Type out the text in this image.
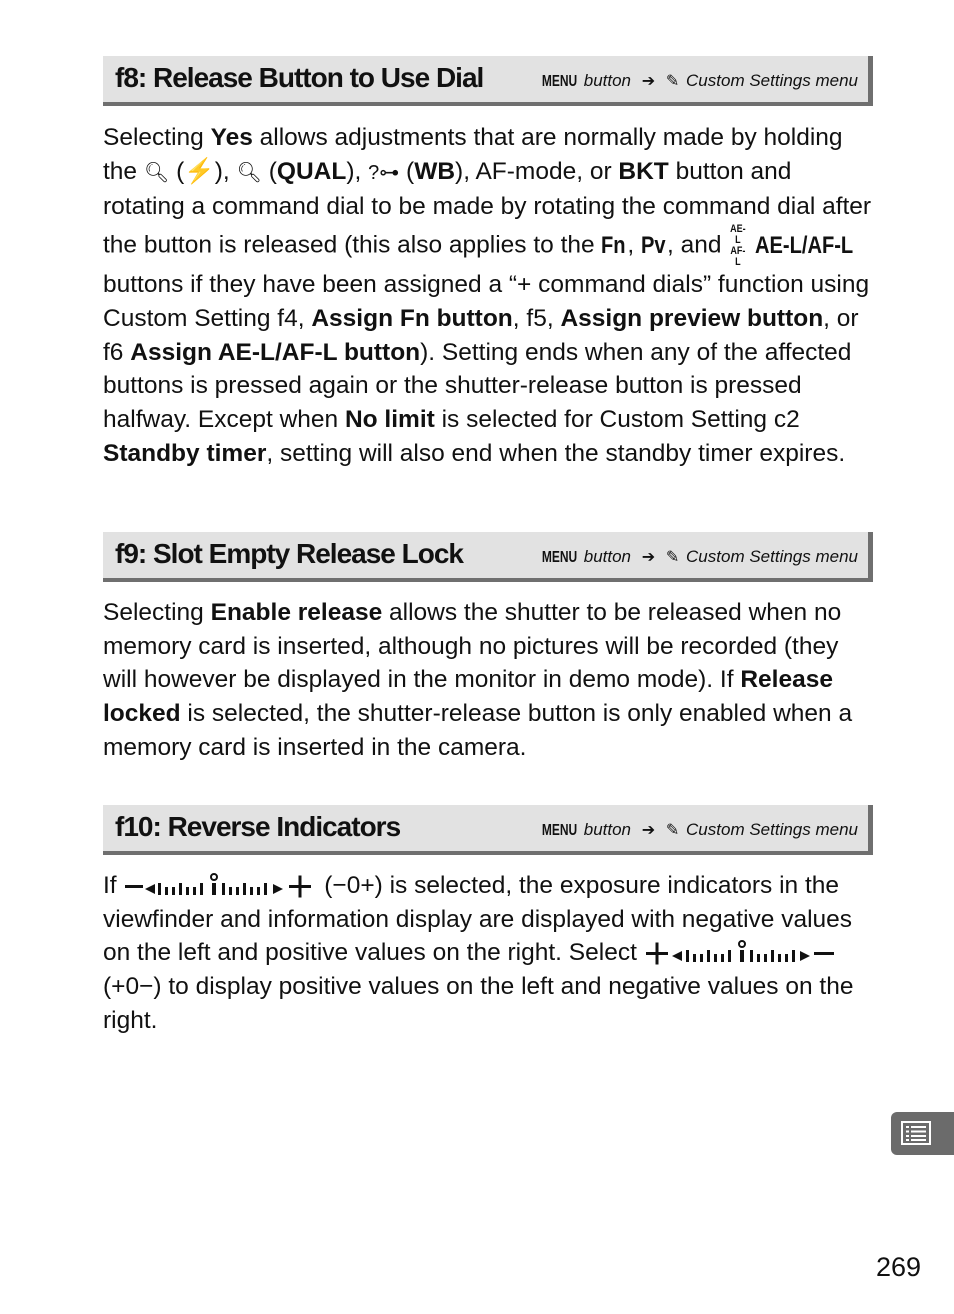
f8: Release Button to Use Dial	MENU button ➔ ✎ Custom Settings menu
Selecting Yes allows adjustments that are normally made by holding the 🔍︎ (⚡), 🔍︎ (QUAL), ?⊶ (WB), AF-mode, or BKT button and rotating a command dial to be made by rotating the command dial after the button is released (this also applies to the Fn, Pv, and AE-L AF-L AE-L/AF-L buttons if they have been assigned a “+ command dials” function using Custom Setting f4, Assign Fn button, f5, Assign preview button, or f6 Assign AE-L/AF-L button). Setting ends when any of the affected buttons is pressed again or the shutter-release button is pressed halfway. Except when No limit is selected for Custom Setting c2 Standby timer, setting will also end when the standby timer expires.
f9: Slot Empty Release Lock	MENU button ➔ ✎ Custom Settings menu
Selecting Enable release allows the shutter to be released when no memory card is inserted, although no pictures will be recorded (they will however be displayed in the monitor in demo mode). If Release locked is selected, the shutter-release button is only enabled when a memory card is inserted in the camera.
f10: Reverse Indicators	MENU button ➔ ✎ Custom Settings menu
If	(−0+) is selected, the exposure indicators in the viewfinder and information display are displayed with negative values on the left and positive values on the right. Select  (+0−) to display positive values on the left and negative values on the right.
269
